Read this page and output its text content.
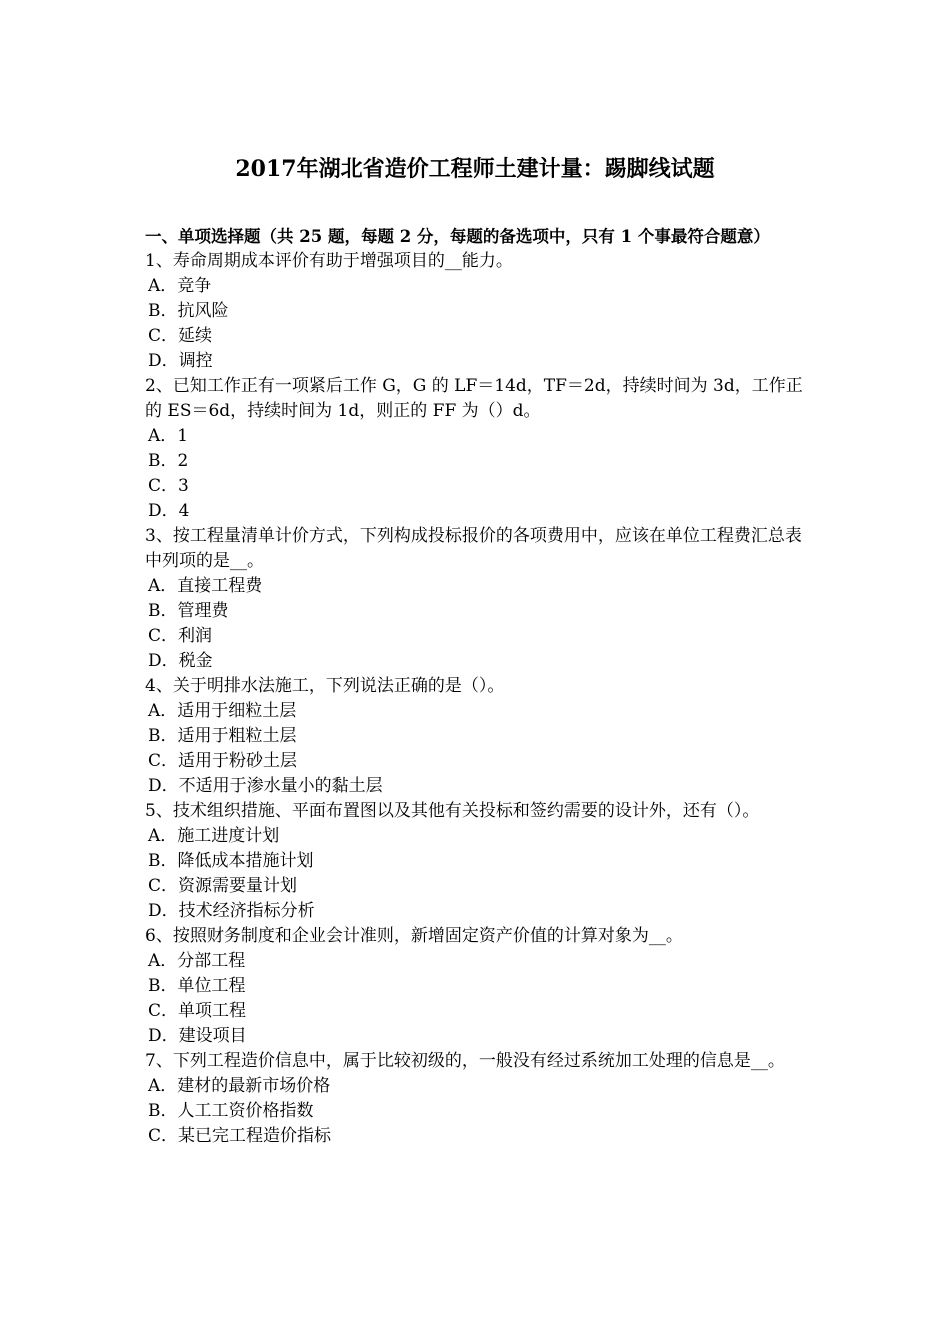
2017年湖北省造价工程师土建计量：踢脚线试题

一、单项选择题（共 25 题，每题 2 分，每题的备选项中，只有 1 个事最符合题意）

1、寿命周期成本评价有助于增强项目的__能力。

A．竞争

B．抗风险

C．延续

D．调控

2、已知工作正有一项紧后工作 G，G 的 LF＝14d，TF＝2d，持续时间为 3d，工作正的 ES＝6d，持续时间为 1d，则正的 FF 为（）d。

A．1

B．2

C．3

D．4

3、按工程量清单计价方式，下列构成投标报价的各项费用中，应该在单位工程费汇总表中列项的是__。

A．直接工程费

B．管理费

C．利润

D．税金

4、关于明排水法施工，下列说法正确的是（）。

A．适用于细粒土层

B．适用于粗粒土层

C．适用于粉砂土层

D．不适用于渗水量小的黏土层

5、技术组织措施、平面布置图以及其他有关投标和签约需要的设计外，还有（）。

A．施工进度计划

B．降低成本措施计划

C．资源需要量计划

D．技术经济指标分析

6、按照财务制度和企业会计准则，新增固定资产价值的计算对象为__。

A．分部工程

B．单位工程

C．单项工程

D．建设项目

7、下列工程造价信息中，属于比较初级的，一般没有经过系统加工处理的信息是__。

A．建材的最新市场价格

B．人工工资价格指数

C．某已完工程造价指标
